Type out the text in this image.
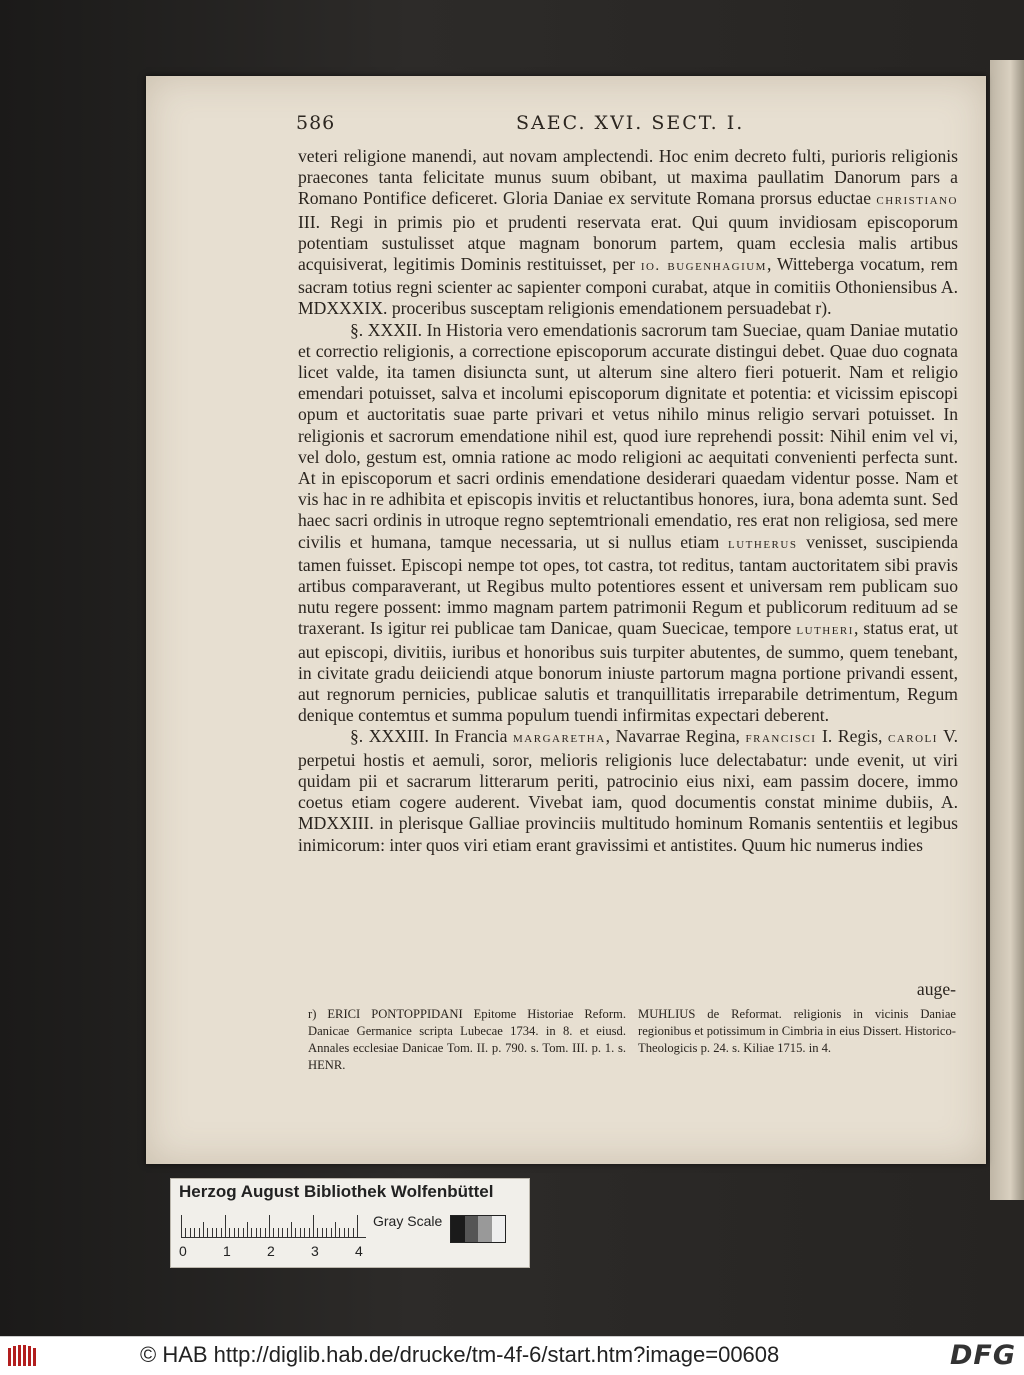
586	SAEC. XVI. SECT. I.

veteri religione manendi, aut novam amplectendi. Hoc enim decreto fulti, purioris religionis praecones tanta felicitate munus suum obibant, ut maxima paullatim Danorum pars a Romano Pontifice deficeret. Gloria Daniae ex servitute Romana prorsus eductae christiano III. Regi in primis pio et prudenti reservata erat. Qui quum invidiosam episcoporum potentiam sustulisset atque magnam bonorum partem, quam ecclesia malis artibus acquisiverat, legitimis Dominis restituisset, per io. bugenhagium, Witteberga vocatum, rem sacram totius regni scienter ac sapienter componi curabat, atque in comitiis Othoniensibus A. MDXXXIX. proceribus susceptam religionis emendationem persuadebat r).

§. XXXII. In Historia vero emendationis sacrorum tam Sueciae, quam Daniae mutatio et correctio religionis, a correctione episcoporum accurate distingui debet. Quae duo cognata licet valde, ita tamen disiuncta sunt, ut alterum sine altero fieri potuerit. Nam et religio emendari potuisset, salva et incolumi episcoporum dignitate et potentia: et vicissim episcopi opum et auctoritatis suae parte privari et vetus nihilo minus religio servari potuisset. In religionis et sacrorum emendatione nihil est, quod iure reprehendi possit: Nihil enim vel vi, vel dolo, gestum est, omnia ratione ac modo religioni ac aequitati convenienti perfecta sunt. At in episcoporum et sacri ordinis emendatione desiderari quaedam videntur posse. Nam et vis hac in re adhibita et episcopis invitis et reluctantibus honores, iura, bona ademta sunt. Sed haec sacri ordinis in utroque regno septemtrionali emendatio, res erat non religiosa, sed mere civilis et humana, tamque necessaria, ut si nullus etiam lutherus venisset, suscipienda tamen fuisset. Episcopi nempe tot opes, tot castra, tot reditus, tantam auctoritatem sibi pravis artibus comparaverant, ut Regibus multo potentiores essent et universam rem publicam suo nutu regere possent: immo magnam partem patrimonii Regum et publicorum redituum ad se traxerant. Is igitur rei publicae tam Danicae, quam Suecicae, tempore lutheri, status erat, ut aut episcopi, divitiis, iuribus et honoribus suis turpiter abutentes, de summo, quem tenebant, in civitate gradu deiiciendi atque bonorum iniuste partorum magna portione privandi essent, aut regnorum pernicies, publicae salutis et tranquillitatis irreparabile detrimentum, Regum denique contemtus et summa populum tuendi infirmitas expectari deberent.

§. XXXIII. In Francia margaretha, Navarrae Regina, francisci I. Regis, caroli V. perpetui hostis et aemuli, soror, melioris religionis luce delectabatur: unde evenit, ut viri quidam pii et sacrarum litterarum periti, patrocinio eius nixi, eam passim docere, immo coetus etiam cogere auderent. Vivebat iam, quod documentis constat minime dubiis, A. MDXXIII. in plerisque Galliae provinciis multitudo hominum Romanis sententiis et legibus inimicorum: inter quos viri etiam erant gravissimi et antistites. Quum hic numerus indies

auge-
r) ERICI PONTOPPIDANI Epitome Historiae Reform. Danicae Germanice scripta Lubecae 1734. in 8. et eiusd. Annales ecclesiae Danicae Tom. II. p. 790. s. Tom. III. p. 1. s. HENR.
MUHLIUS de Reformat. religionis in vicinis Daniae regionibus et potissimum in Cimbria in eius Dissert. Historico-Theologicis p. 24. s. Kiliae 1715. in 4.
Herzog August Bibliothek Wolfenbüttel
0	1	2	3	4
Gray Scale
© HAB http://diglib.hab.de/drucke/tm-4f-6/start.htm?image=00608	DFG
